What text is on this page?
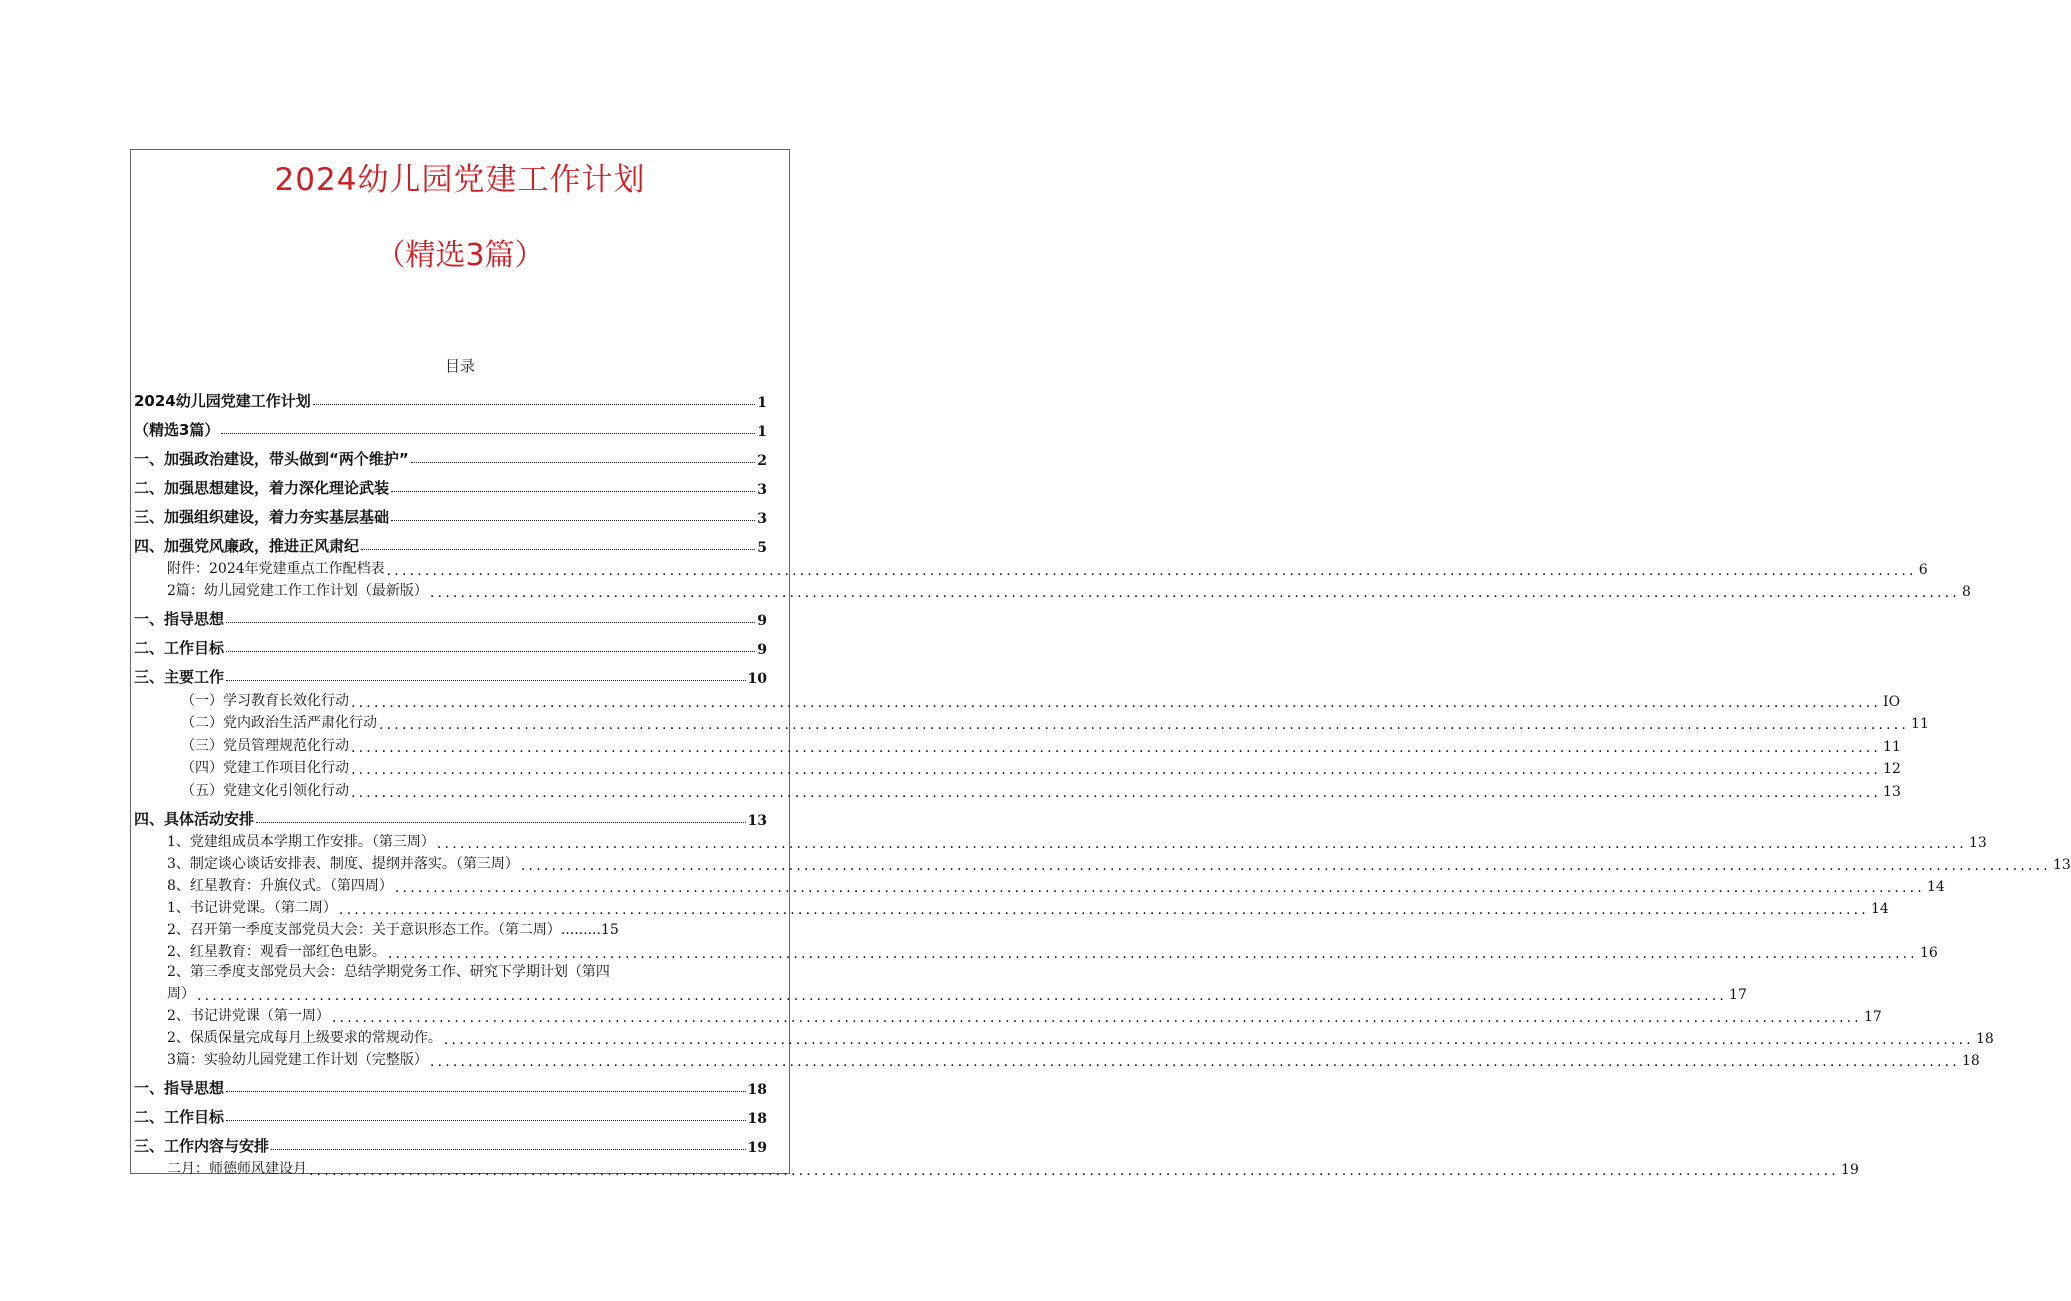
2024幼儿园党建工作计划
（精选3篇）
目录
2024幼儿园党建工作计划	1
（精选3篇）	1
一、加强政治建设，带头做到“两个维护”	2
二、加强思想建设，着力深化理论武装	3
三、加强组织建设，着力夯实基层基础	3
四、加强党风廉政，推进正风肃纪	5
附件：2024年党建重点工作配档表 ........................................................................................................................................................................................................ 6
2篇：幼儿园党建工作工作计划（最新版） ........................................................................................................................................................................................................ 8
一、指导思想	9
二、工作目标	9
三、主要工作	10
（一）学习教育长效化行动 ........................................................................................................................................................................................................ IO
（二）党内政治生活严肃化行动 ........................................................................................................................................................................................................ 11
（三）党员管理规范化行动 ........................................................................................................................................................................................................ 11
（四）党建工作项目化行动 ........................................................................................................................................................................................................ 12
（五）党建文化引领化行动 ........................................................................................................................................................................................................ 13
四、具体活动安排	13
1、党建组成员本学期工作安排。（第三周） ........................................................................................................................................................................................................ 13
3、制定谈心谈话安排表、制度、提纲并落实。（第三周） ........................................................................................................................................................................................................ 13
8、红星教育：升旗仪式。（第四周） ........................................................................................................................................................................................................ 14
1、书记讲党课。（第二周） ........................................................................................................................................................................................................ 14
2、召开第一季度支部党员大会：关于意识形态工作。（第二周）.........15
2、红星教育：观看一部红色电影。 ........................................................................................................................................................................................................ 16
2、第三季度支部党员大会：总结学期党务工作、研究下学期计划（第四
周） ........................................................................................................................................................................................................ 17
2、书记讲党课（第一周） ........................................................................................................................................................................................................ 17
2、保质保量完成每月上级要求的常规动作。 ........................................................................................................................................................................................................ 18
3篇：实验幼儿园党建工作计划（完整版） ........................................................................................................................................................................................................ 18
一、指导思想	18
二、工作目标	18
三、工作内容与安排	19
二月：师德师风建设月 ........................................................................................................................................................................................................ 19
